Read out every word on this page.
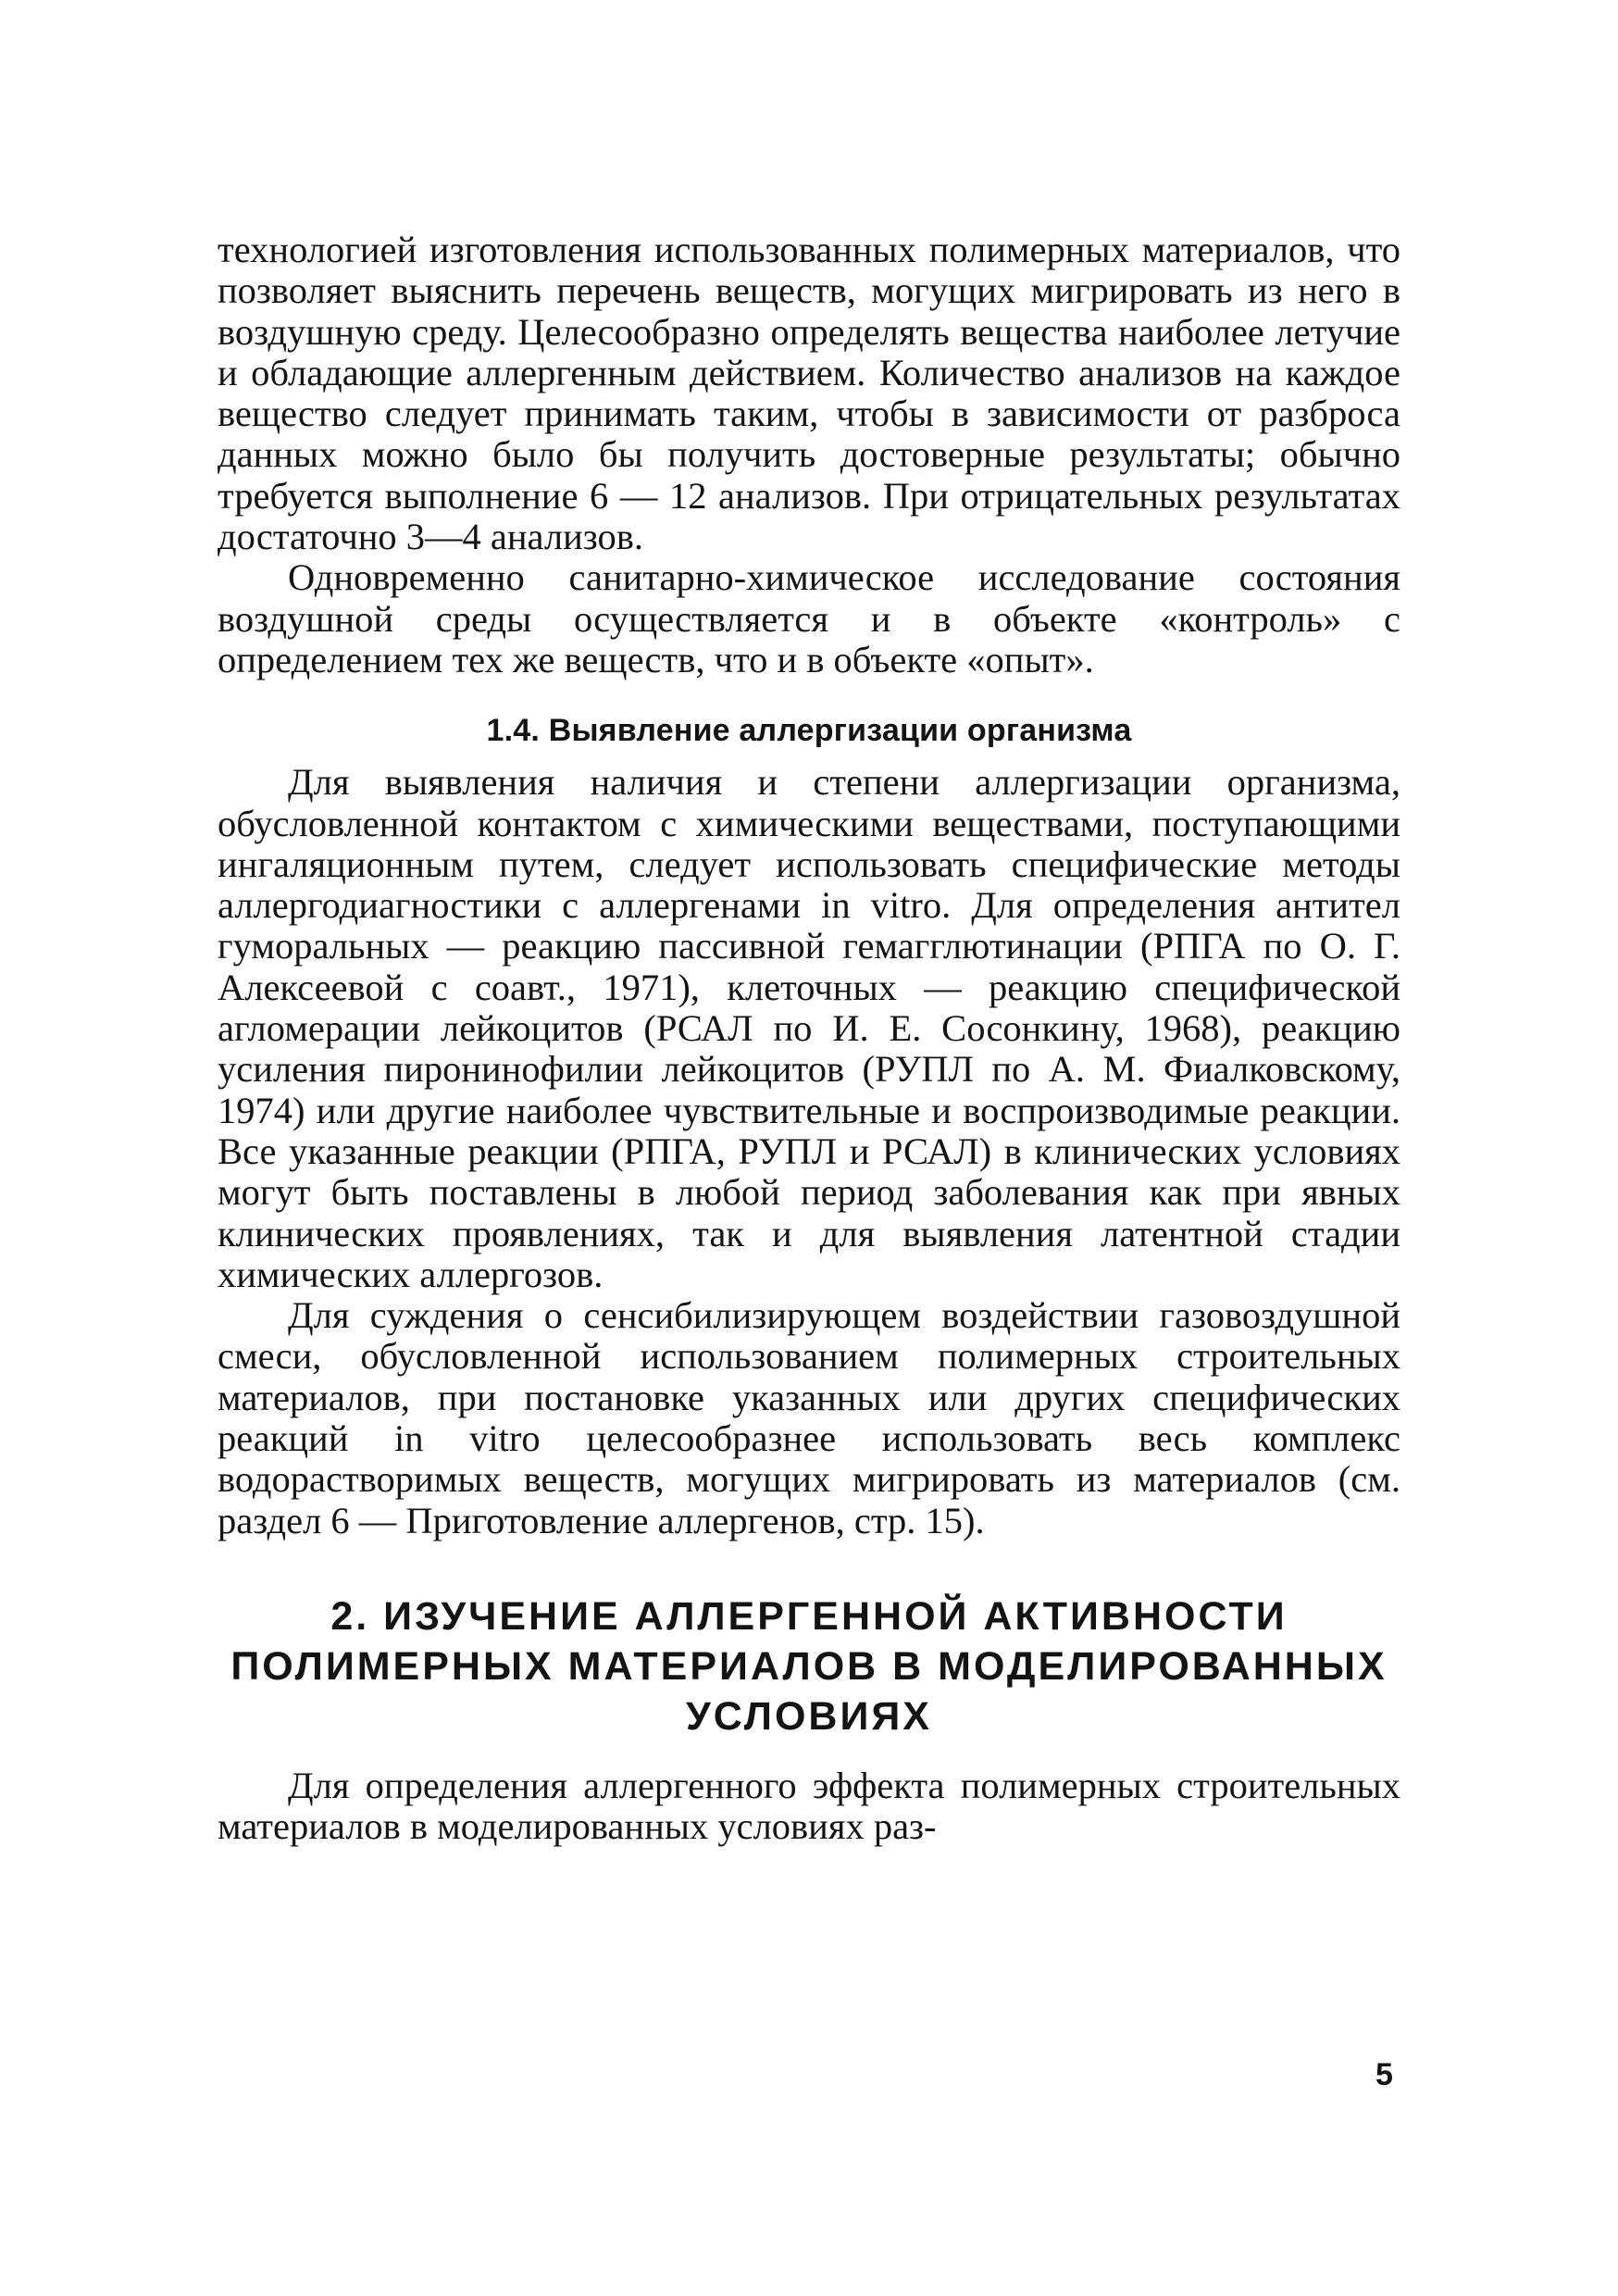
технологией изготовления использованных полимерных материалов, что позволяет выяснить перечень веществ, могущих мигрировать из него в воздушную среду. Целесообразно определять вещества наиболее летучие и обладающие аллергенным действием. Количество анализов на каждое вещество следует принимать таким, чтобы в зависимости от разброса данных можно было бы получить достоверные результаты; обычно требуется выполнение 6 — 12 анализов. При отрицательных результатах достаточно 3—4 анализов.

Одновременно санитарно-химическое исследование состояния воздушной среды осуществляется и в объекте «контроль» с определением тех же веществ, что и в объекте «опыт».

1.4. Выявление аллергизации организма

Для выявления наличия и степени аллергизации организма, обусловленной контактом с химическими веществами, поступающими ингаляционным путем, следует использовать специфические методы аллергодиагностики с аллергенами in vitro. Для определения антител гуморальных — реакцию пассивной гемагглютинации (РПГА по О. Г. Алексеевой с соавт., 1971), клеточных — реакцию специфической агломерации лейкоцитов (РСАЛ по И. Е. Сосонкину, 1968), реакцию усиления пиронинофилии лейкоцитов (РУПЛ по А. М. Фиалковскому, 1974) или другие наиболее чувствительные и воспроизводимые реакции. Все указанные реакции (РПГА, РУПЛ и РСАЛ) в клинических условиях могут быть поставлены в любой период заболевания как при явных клинических проявлениях, так и для выявления латентной стадии химических аллергозов.

Для суждения о сенсибилизирующем воздействии газовоздушной смеси, обусловленной использованием полимерных строительных материалов, при постановке указанных или других специфических реакций in vitro целесообразнее использовать весь комплекс водорастворимых веществ, могущих мигрировать из материалов (см. раздел 6 — Приготовление аллергенов, стр. 15).

2. ИЗУЧЕНИЕ АЛЛЕРГЕННОЙ АКТИВНОСТИ
ПОЛИМЕРНЫХ МАТЕРИАЛОВ В МОДЕЛИРОВАННЫХ
УСЛОВИЯХ

Для определения аллергенного эффекта полимерных строительных материалов в моделированных условиях раз-

5
